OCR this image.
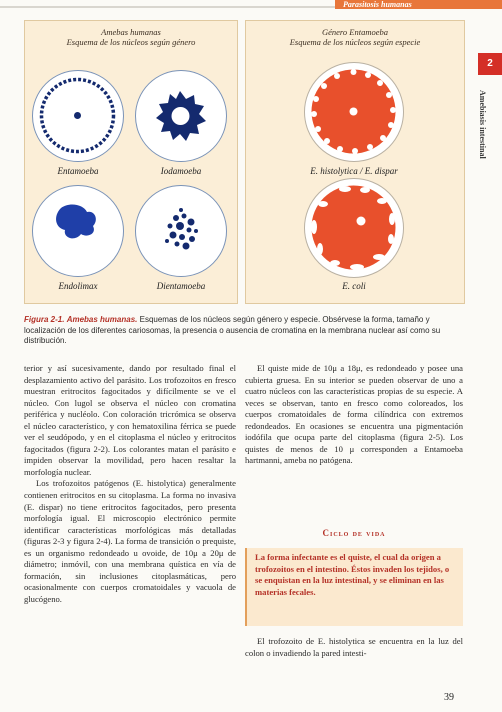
Parasitosis humanas
2
Amebiasis intestinal
Amebas humanas
Esquema de los núcleos según género
Entamoeba	Iodamoeba
Endolimax	Dientamoeba
Género Entamoeba
Esquema de los núcleos según especie
E. histolytica / E. dispar
E. coli
Figura 2-1. Amebas humanas. Esquemas de los núcleos según género y especie. Obsérvese la forma, tamaño y localización de los diferentes cariosomas, la presencia o ausencia de cromatina en la membrana nuclear así como su distribución.

terior y así sucesivamente, dando por resultado final el desplazamiento activo del parásito. Los trofozoitos en fresco muestran eritrocitos fagocitados y difícilmente se ve el núcleo. Con lugol se observa el núcleo con cromatina periférica y nucléolo. Con coloración tricrómica se observa el núcleo característico, y con hematoxilina férrica se puede ver el seudópodo, y en el citoplasma el núcleo y eritrocitos fagocitados (figura 2-2). Los colorantes matan el parásito e impiden observar la movilidad, pero hacen resaltar la morfología nuclear.

Los trofozoitos patógenos (E. histolytica) generalmente contienen eritrocitos en su citoplasma. La forma no invasiva (E. dispar) no tiene eritrocitos fagocitados, pero presenta morfología igual. El microscopio electrónico permite identificar características morfológicas más detalladas (figuras 2-3 y figura 2-4). La forma de transición o prequiste, es un organismo redondeado u ovoide, de 10μ a 20μ de diámetro; inmóvil, con una membrana quística en vía de formación, sin inclusiones citoplasmáticas, pero ocasionalmente con cuerpos cromatoidales y vacuola de glucógeno.

El quiste mide de 10μ a 18μ, es redondeado y posee una cubierta gruesa. En su interior se pueden observar de uno a cuatro núcleos con las características propias de su especie. A veces se observan, tanto en fresco como coloreados, los cuerpos cromatoidales de forma cilíndrica con extremos redondeados. En ocasiones se encuentra una pigmentación iodófila que ocupa parte del citoplasma (figura 2-5). Los quistes de menos de 10 μ corresponden a Entamoeba hartmanni, ameba no patógena.

Ciclo de vida
La forma infectante es el quiste, el cual da origen a trofozoitos en el intestino. Éstos invaden los tejidos, o se enquistan en la luz intestinal, y se eliminan en las materias fecales.

El trofozoito de E. histolytica se encuentra en la luz del colon o invadiendo la pared intesti-

39
